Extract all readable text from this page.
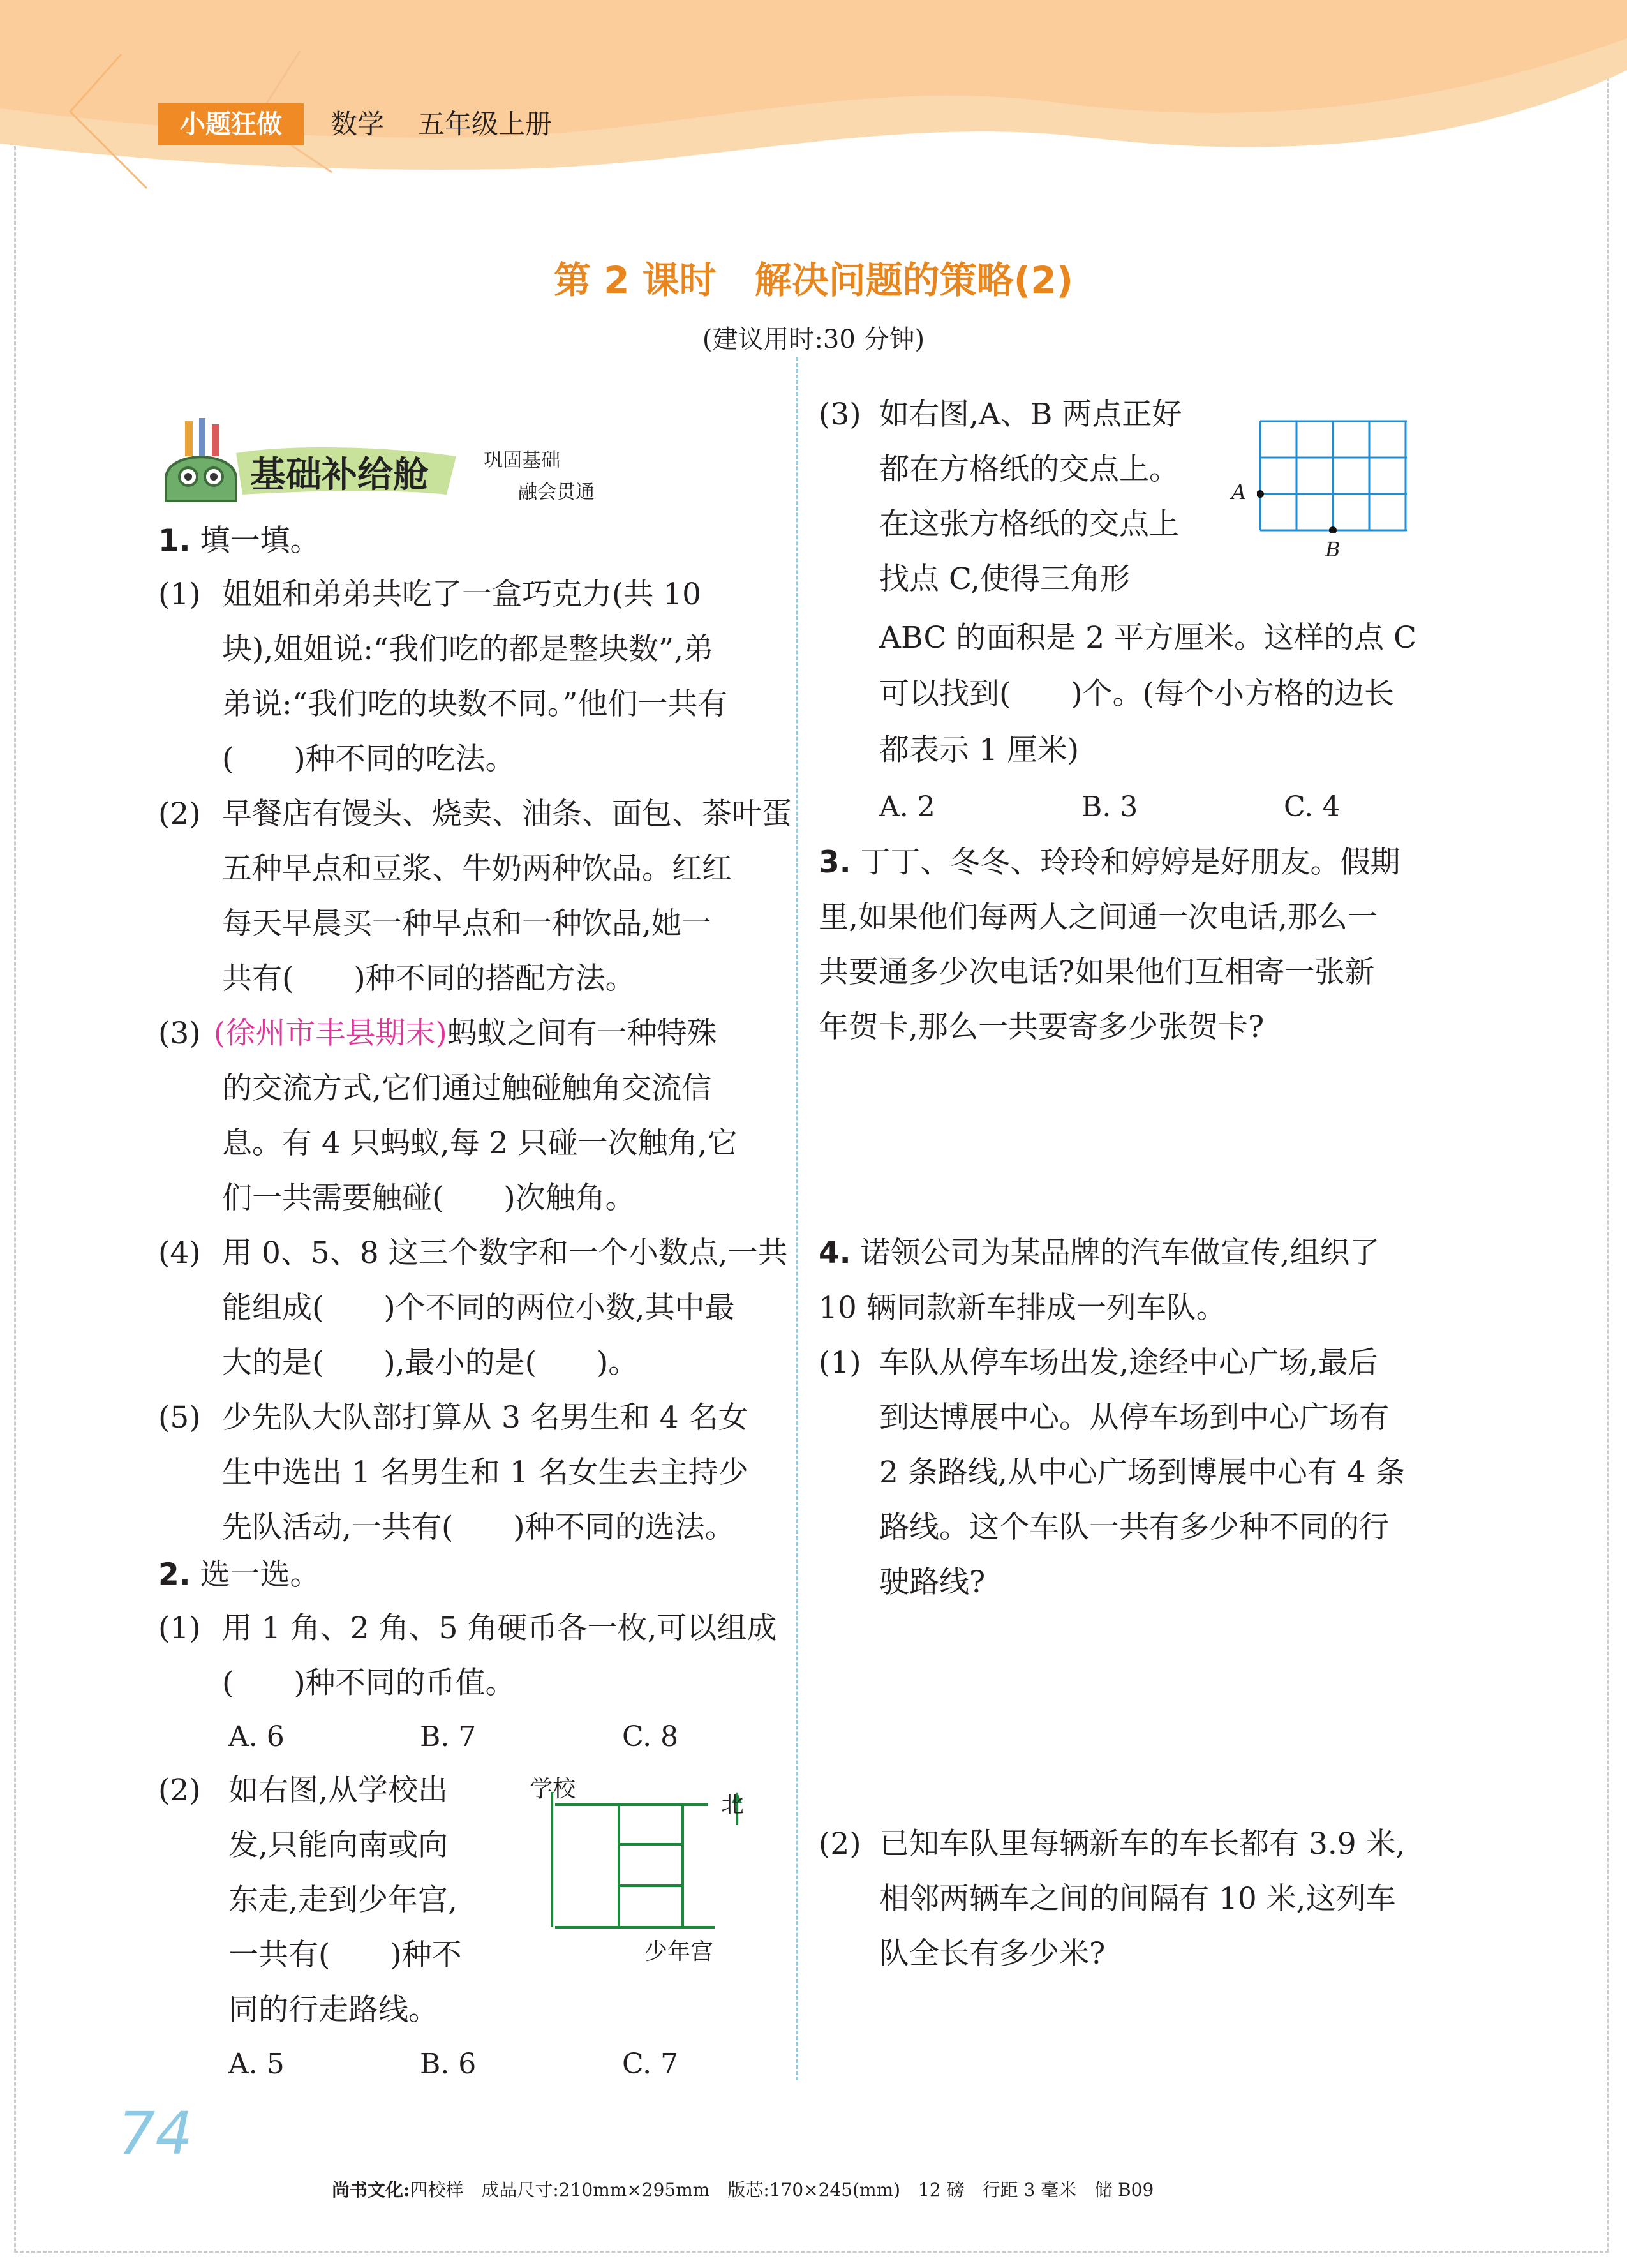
小题狂做	数学 五年级上册
第 2 课时 解决问题的策略(2)
(建议用时:30 分钟)
基础补给舱	巩固基础
融会贯通
1. 填一填。
(1) 姐姐和弟弟共吃了一盒巧克力(共 10
块),姐姐说:“我们吃的都是整块数”,弟
弟说:“我们吃的块数不同。”他们一共有
(　　)种不同的吃法。
(2) 早餐店有馒头、烧卖、油条、面包、茶叶蛋
五种早点和豆浆、牛奶两种饮品。红红
每天早晨买一种早点和一种饮品,她一
共有(　　)种不同的搭配方法。
(3) (徐州市丰县期末)蚂蚁之间有一种特殊
的交流方式,它们通过触碰触角交流信
息。有 4 只蚂蚁,每 2 只碰一次触角,它
们一共需要触碰(　　)次触角。
(4) 用 0、5、8 这三个数字和一个小数点,一共
能组成(　　)个不同的两位小数,其中最
大的是(　　),最小的是(　　)。
(5) 少先队大队部打算从 3 名男生和 4 名女
生中选出 1 名男生和 1 名女生去主持少
先队活动,一共有(　　)种不同的选法。
2. 选一选。
(1) 用 1 角、2 角、5 角硬币各一枚,可以组成
(　　)种不同的币值。
A. 6	B. 7	C. 8
(2) 如右图,从学校出
发,只能向南或向
东走,走到少年宫,
一共有(　　)种不
同的行走路线。
A. 5	B. 6	C. 7
学校
北
少年宫
(3) 如右图,A、B 两点正好
都在方格纸的交点上。
在这张方格纸的交点上
找点 C,使得三角形
ABC 的面积是 2 平方厘米。这样的点 C
可以找到(　　)个。(每个小方格的边长
都表示 1 厘米)
A. 2	B. 3	C. 4
A
B
3. 丁丁、冬冬、玲玲和婷婷是好朋友。假期
里,如果他们每两人之间通一次电话,那么一
共要通多少次电话?如果他们互相寄一张新
年贺卡,那么一共要寄多少张贺卡?
4. 诺领公司为某品牌的汽车做宣传,组织了
10 辆同款新车排成一列车队。
(1) 车队从停车场出发,途经中心广场,最后
到达博展中心。从停车场到中心广场有
2 条路线,从中心广场到博展中心有 4 条
路线。这个车队一共有多少种不同的行
驶路线?
(2) 已知车队里每辆新车的车长都有 3.9 米,
相邻两辆车之间的间隔有 10 米,这列车
队全长有多少米?
74
尚书文化:四校样　成品尺寸:210mm×295mm　版芯:170×245(mm)　12 磅　行距 3 毫米　储 B09
